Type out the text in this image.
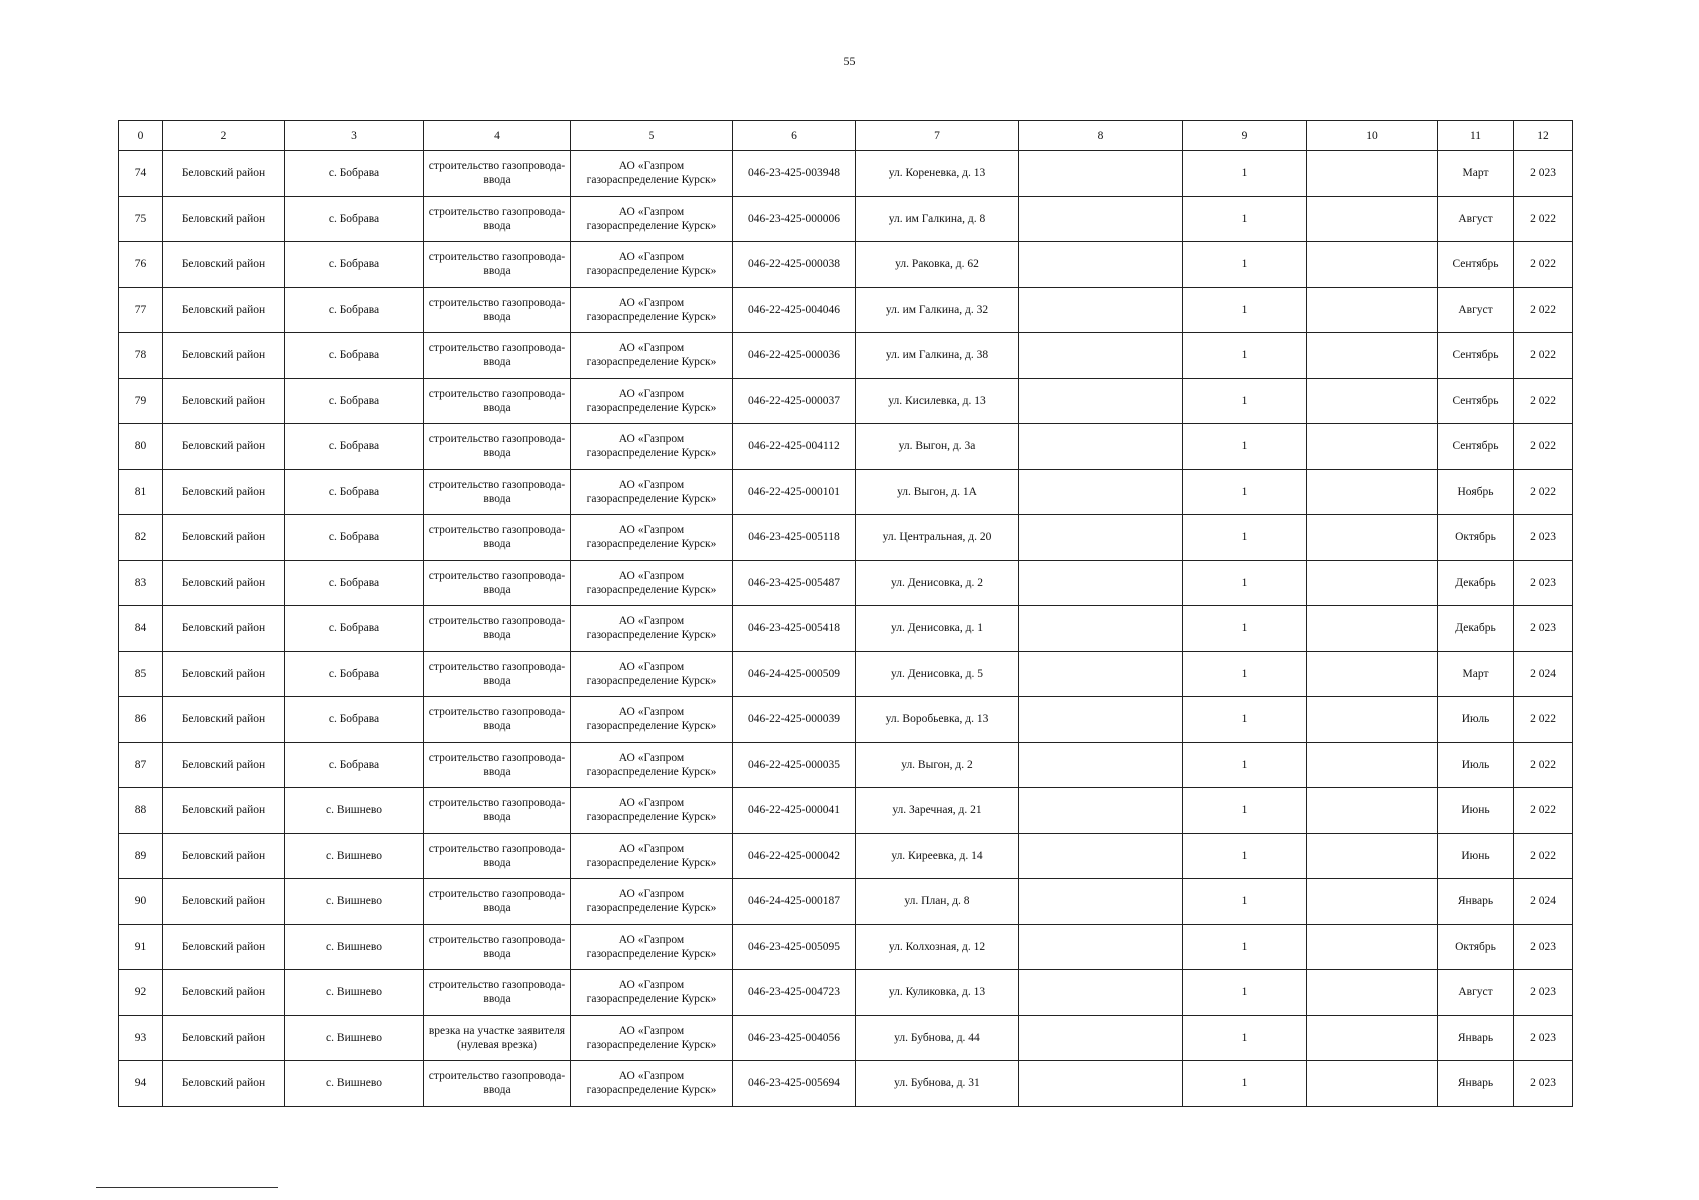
55
0	2	3	4	5	6	7	8	9	10	11	12
74	Беловский район	с. Бобрава	строительство газопровода-ввода	АО «Газпром газораспределение Курск»	046-23-425-003948	ул. Кореневка, д. 13		1		Март	2 023
75	Беловский район	с. Бобрава	строительство газопровода-ввода	АО «Газпром газораспределение Курск»	046-23-425-000006	ул. им Галкина, д. 8		1		Август	2 022
76	Беловский район	с. Бобрава	строительство газопровода-ввода	АО «Газпром газораспределение Курск»	046-22-425-000038	ул. Раковка, д. 62		1		Сентябрь	2 022
77	Беловский район	с. Бобрава	строительство газопровода-ввода	АО «Газпром газораспределение Курск»	046-22-425-004046	ул. им Галкина, д. 32		1		Август	2 022
78	Беловский район	с. Бобрава	строительство газопровода-ввода	АО «Газпром газораспределение Курск»	046-22-425-000036	ул. им Галкина, д. 38		1		Сентябрь	2 022
79	Беловский район	с. Бобрава	строительство газопровода-ввода	АО «Газпром газораспределение Курск»	046-22-425-000037	ул. Кисилевка, д. 13		1		Сентябрь	2 022
80	Беловский район	с. Бобрава	строительство газопровода-ввода	АО «Газпром газораспределение Курск»	046-22-425-004112	ул. Выгон, д. 3а		1		Сентябрь	2 022
81	Беловский район	с. Бобрава	строительство газопровода-ввода	АО «Газпром газораспределение Курск»	046-22-425-000101	ул. Выгон, д. 1А		1		Ноябрь	2 022
82	Беловский район	с. Бобрава	строительство газопровода-ввода	АО «Газпром газораспределение Курск»	046-23-425-005118	ул. Центральная, д. 20		1		Октябрь	2 023
83	Беловский район	с. Бобрава	строительство газопровода-ввода	АО «Газпром газораспределение Курск»	046-23-425-005487	ул. Денисовка, д. 2		1		Декабрь	2 023
84	Беловский район	с. Бобрава	строительство газопровода-ввода	АО «Газпром газораспределение Курск»	046-23-425-005418	ул. Денисовка, д. 1		1		Декабрь	2 023
85	Беловский район	с. Бобрава	строительство газопровода-ввода	АО «Газпром газораспределение Курск»	046-24-425-000509	ул. Денисовка, д. 5		1		Март	2 024
86	Беловский район	с. Бобрава	строительство газопровода-ввода	АО «Газпром газораспределение Курск»	046-22-425-000039	ул. Воробьевка, д. 13		1		Июль	2 022
87	Беловский район	с. Бобрава	строительство газопровода-ввода	АО «Газпром газораспределение Курск»	046-22-425-000035	ул. Выгон, д. 2		1		Июль	2 022
88	Беловский район	с. Вишнево	строительство газопровода-ввода	АО «Газпром газораспределение Курск»	046-22-425-000041	ул. Заречная, д. 21		1		Июнь	2 022
89	Беловский район	с. Вишнево	строительство газопровода-ввода	АО «Газпром газораспределение Курск»	046-22-425-000042	ул. Киреевка, д. 14		1		Июнь	2 022
90	Беловский район	с. Вишнево	строительство газопровода-ввода	АО «Газпром газораспределение Курск»	046-24-425-000187	ул. План, д. 8		1		Январь	2 024
91	Беловский район	с. Вишнево	строительство газопровода-ввода	АО «Газпром газораспределение Курск»	046-23-425-005095	ул. Колхозная, д. 12		1		Октябрь	2 023
92	Беловский район	с. Вишнево	строительство газопровода-ввода	АО «Газпром газораспределение Курск»	046-23-425-004723	ул. Куликовка, д. 13		1		Август	2 023
93	Беловский район	с. Вишнево	врезка на участке заявителя (нулевая врезка)	АО «Газпром газораспределение Курск»	046-23-425-004056	ул. Бубнова, д. 44		1		Январь	2 023
94	Беловский район	с. Вишнево	строительство газопровода-ввода	АО «Газпром газораспределение Курск»	046-23-425-005694	ул. Бубнова, д. 31		1		Январь	2 023
